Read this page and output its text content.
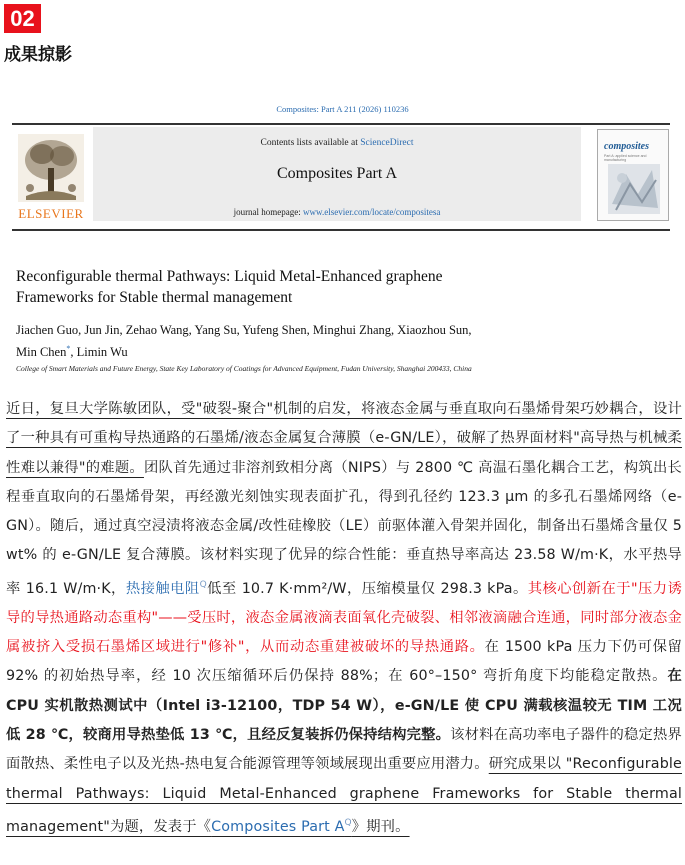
02
成果掠影
Composites: Part A 211 (2026) 110236
ELSEVIER
Contents lists available at ScienceDirect
Composites Part A
journal homepage: www.elsevier.com/locate/compositesa
composites
Part A: applied science and manufacturing
Reconfigurable thermal Pathways: Liquid Metal-Enhanced graphene
Frameworks for Stable thermal management
Jiachen Guo, Jun Jin, Zehao Wang, Yang Su, Yufeng Shen, Minghui Zhang, Xiaozhou Sun,
Min Chen*, Limin Wu
College of Smart Materials and Future Energy, State Key Laboratory of Coatings for Advanced Equipment, Fudan University, Shanghai 200433, China
近日，复旦大学陈敏团队，受"破裂-聚合"机制的启发，将液态金属与垂直取向石墨烯骨架巧妙耦合，设计了一种具有可重构导热通路的石墨烯/液态金属复合薄膜（e-GN/LE），破解了热界面材料"高导热与机械柔性难以兼得"的难题。团队首先通过非溶剂致相分离（NIPS）与 2800 ℃ 高温石墨化耦合工艺，构筑出长程垂直取向的石墨烯骨架，再经激光刻蚀实现表面扩孔，得到孔径约 123.3 μm 的多孔石墨烯网络（e-GN）。随后，通过真空浸渍将液态金属/改性硅橡胶（LE）前驱体灌入骨架并固化，制备出石墨烯含量仅 5 wt% 的 e-GN/LE 复合薄膜。该材料实现了优异的综合性能：垂直热导率高达 23.58 W/m·K，水平热导率 16.1 W/m·K，热接触电阻$^Q$低至 10.7 K·mm²/W，压缩模量仅 298.3 kPa。其核心创新在于"压力诱导的导热通路动态重构"——受压时，液态金属液滴表面氧化壳破裂、相邻液滴融合连通，同时部分液态金属被挤入受损石墨烯区域进行"修补"，从而动态重建被破坏的导热通路。在 1500 kPa 压力下仍可保留 92% 的初始热导率，经 10 次压缩循环后仍保持 88%；在 60°–150° 弯折角度下均能稳定散热。在 CPU 实机散热测试中（Intel i3-12100，TDP 54 W），e-GN/LE 使 CPU 满载核温较无 TIM 工况低 28 ℃，较商用导热垫低 13 ℃，且经反复装拆仍保持结构完整。该材料在高功率电子器件的稳定热界面散热、柔性电子以及光热-热电复合能源管理等领域展现出重要应用潜力。研究成果以 "Reconfigurable thermal Pathways: Liquid Metal-Enhanced graphene Frameworks for Stable thermal management"为题，发表于《Composites Part $A^Q$》期刊。
